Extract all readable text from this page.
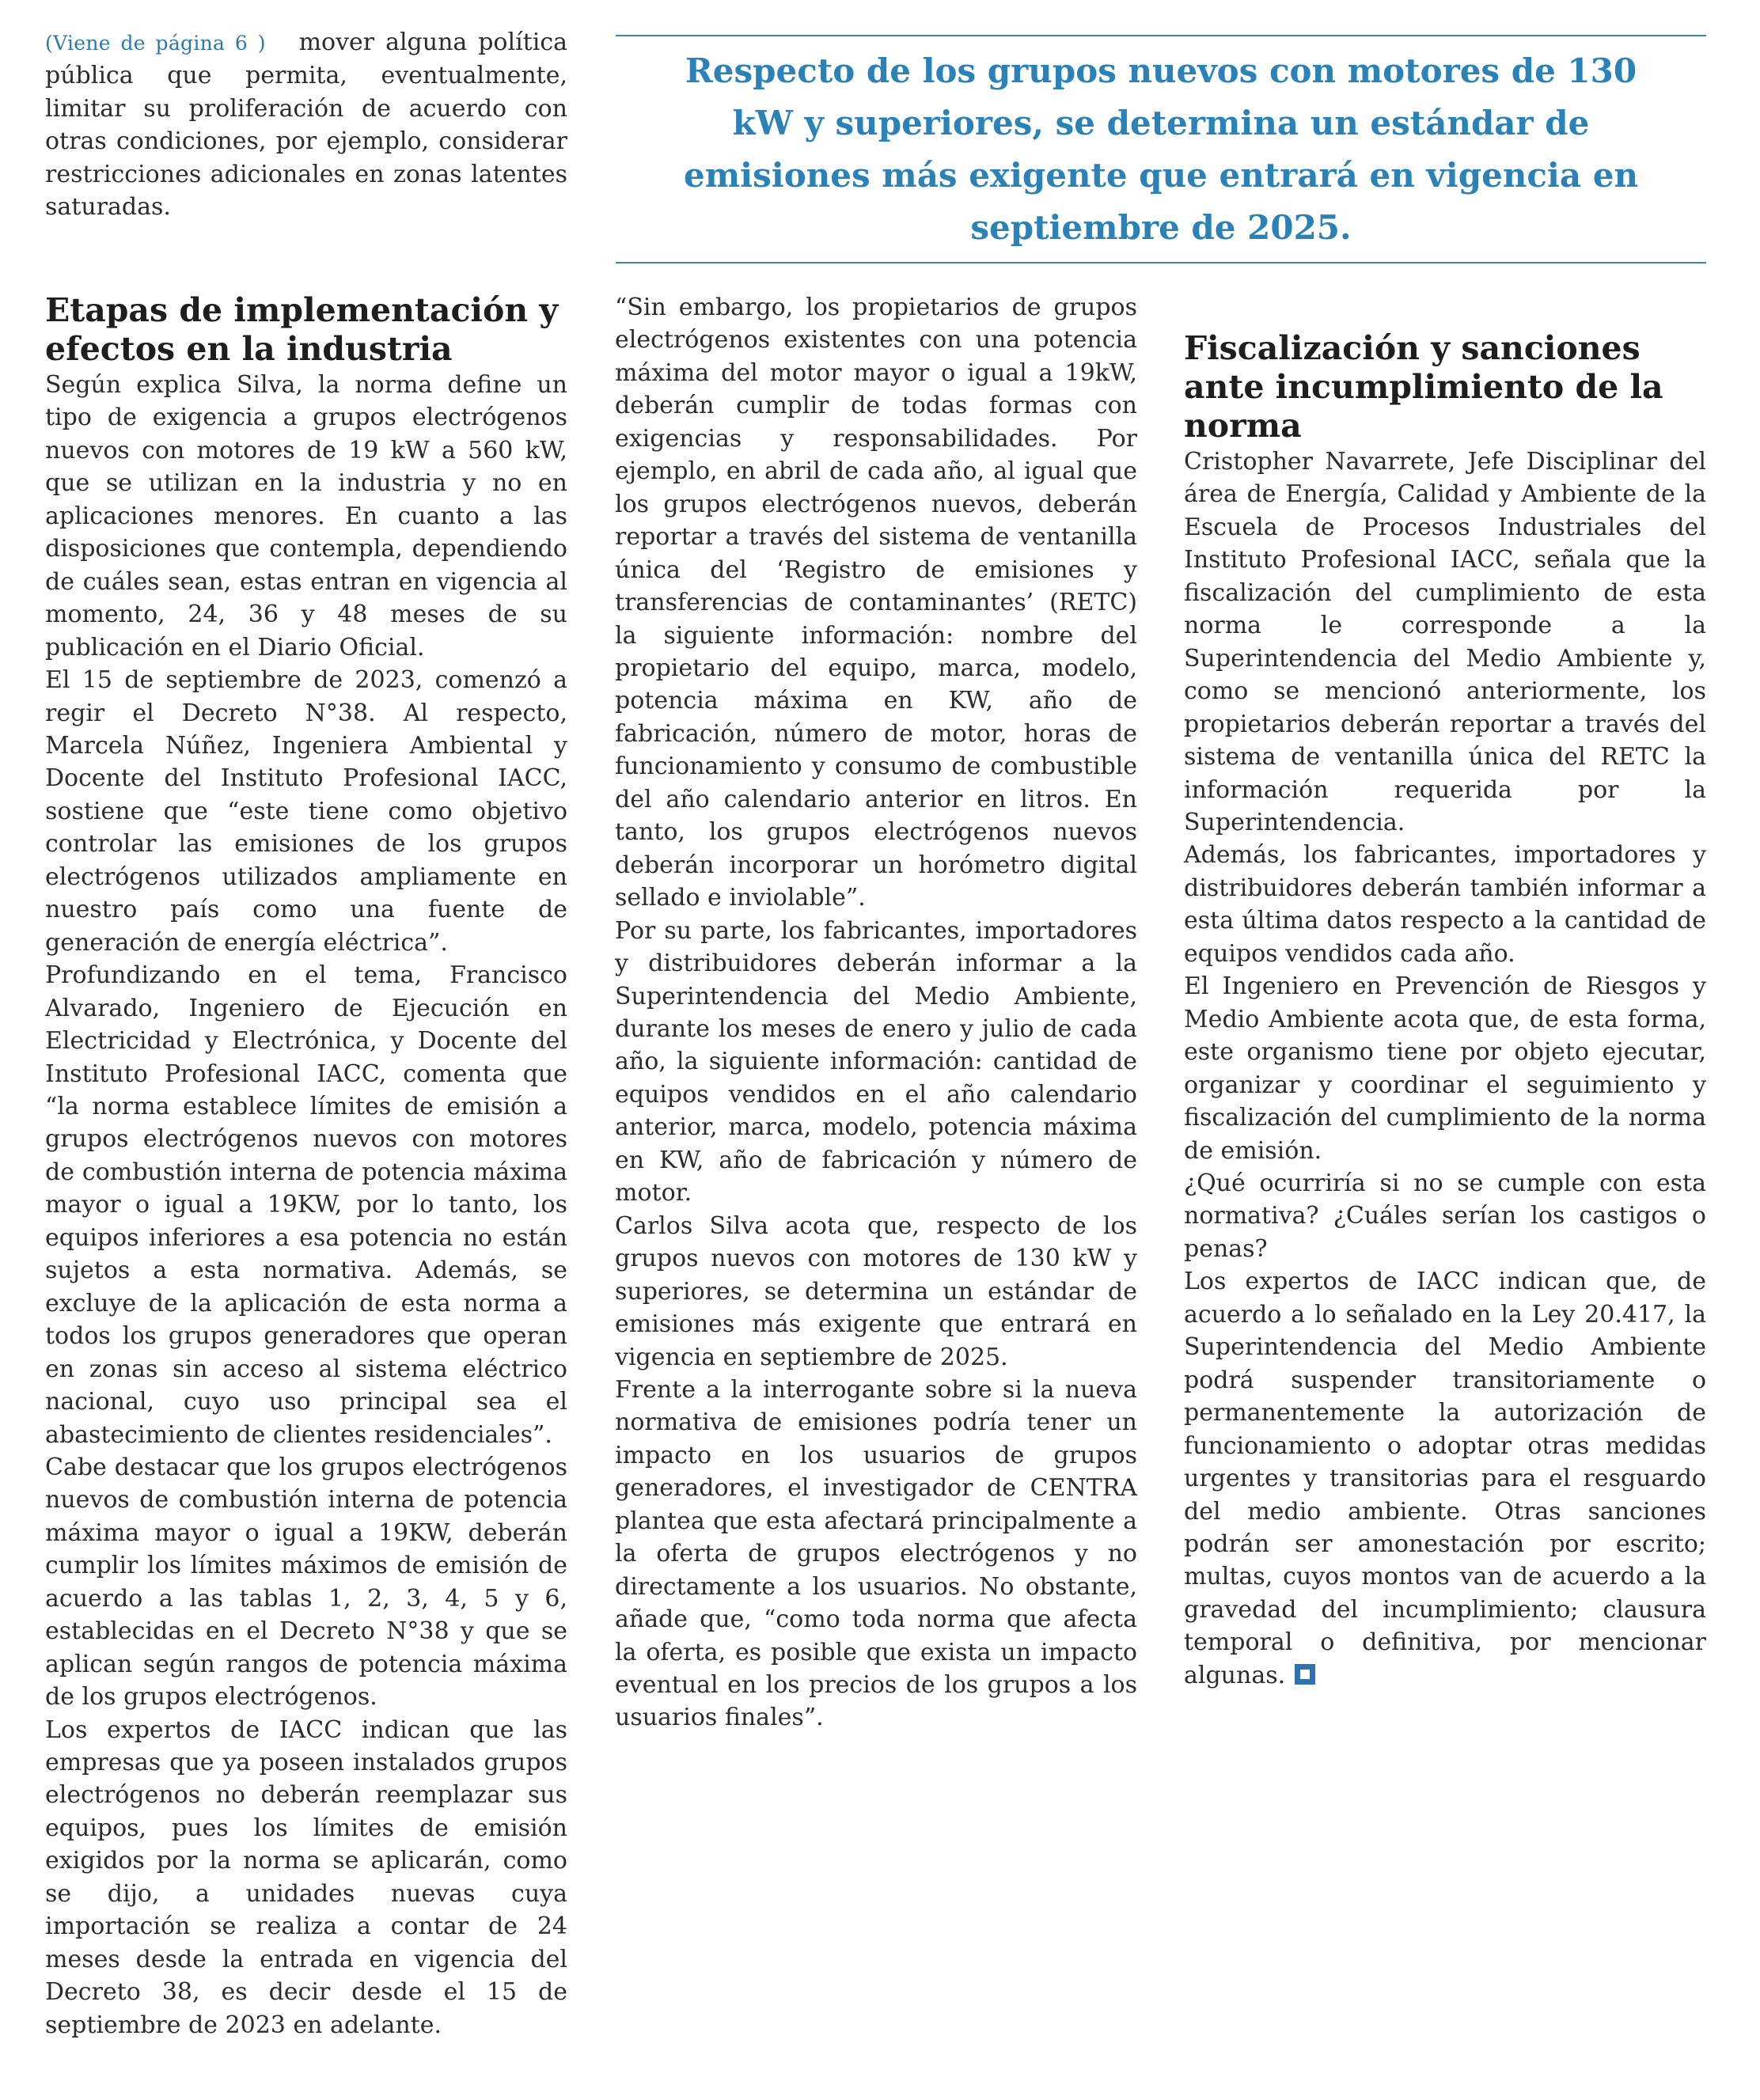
(Viene de página 6 ) mover alguna política pública que permita, eventualmente, limitar su proliferación de acuerdo con otras condiciones, por ejemplo, considerar restricciones adicionales en zonas latentes saturadas.

Respecto de los grupos nuevos con motores de 130 kW y superiores, se determina un estándar de emisiones más exigente que entrará en vigencia en septiembre de 2025.

Etapas de implementación y efectos en la industria

Según explica Silva, la norma define un tipo de exigencia a grupos electrógenos nuevos con motores de 19 kW a 560 kW, que se utilizan en la industria y no en aplicaciones menores. En cuanto a las disposiciones que contempla, dependiendo de cuáles sean, estas entran en vigencia al momento, 24, 36 y 48 meses de su publicación en el Diario Oficial.

El 15 de septiembre de 2023, comenzó a regir el Decreto N°38. Al respecto, Marcela Núñez, Ingeniera Ambiental y Docente del Instituto Profesional IACC, sostiene que “este tiene como objetivo controlar las emisiones de los grupos electrógenos utilizados ampliamente en nuestro país como una fuente de generación de energía eléctrica”.

Profundizando en el tema, Francisco Alvarado, Ingeniero de Ejecución en Electricidad y Electrónica, y Docente del Instituto Profesional IACC, comenta que “la norma establece límites de emisión a grupos electrógenos nuevos con motores de combustión interna de potencia máxima mayor o igual a 19KW, por lo tanto, los equipos inferiores a esa potencia no están sujetos a esta normativa. Además, se excluye de la aplicación de esta norma a todos los grupos generadores que operan en zonas sin acceso al sistema eléctrico nacional, cuyo uso principal sea el abastecimiento de clientes residenciales”.

Cabe destacar que los grupos electrógenos nuevos de combustión interna de potencia máxima mayor o igual a 19KW, deberán cumplir los límites máximos de emisión de acuerdo a las tablas 1, 2, 3, 4, 5 y 6, establecidas en el Decreto N°38 y que se aplican según rangos de potencia máxima de los grupos electrógenos.

Los expertos de IACC indican que las empresas que ya poseen instalados grupos electrógenos no deberán reemplazar sus equipos, pues los límites de emisión exigidos por la norma se aplicarán, como se dijo, a unidades nuevas cuya importación se realiza a contar de 24 meses desde la entrada en vigencia del Decreto 38, es decir desde el 15 de septiembre de 2023 en adelante.

“Sin embargo, los propietarios de grupos electrógenos existentes con una potencia máxima del motor mayor o igual a 19kW, deberán cumplir de todas formas con exigencias y responsabilidades. Por ejemplo, en abril de cada año, al igual que los grupos electrógenos nuevos, deberán reportar a través del sistema de ventanilla única del ‘Registro de emisiones y transferencias de contaminantes’ (RETC) la siguiente información: nombre del propietario del equipo, marca, modelo, potencia máxima en KW, año de fabricación, número de motor, horas de funcionamiento y consumo de combustible del año calendario anterior en litros. En tanto, los grupos electrógenos nuevos deberán incorporar un horómetro digital sellado e inviolable”.

Por su parte, los fabricantes, importadores y distribuidores deberán informar a la Superintendencia del Medio Ambiente, durante los meses de enero y julio de cada año, la siguiente información: cantidad de equipos vendidos en el año calendario anterior, marca, modelo, potencia máxima en KW, año de fabricación y número de motor.

Carlos Silva acota que, respecto de los grupos nuevos con motores de 130 kW y superiores, se determina un estándar de emisiones más exigente que entrará en vigencia en septiembre de 2025.

Frente a la interrogante sobre si la nueva normativa de emisiones podría tener un impacto en los usuarios de grupos generadores, el investigador de CENTRA plantea que esta afectará principalmente a la oferta de grupos electrógenos y no directamente a los usuarios. No obstante, añade que, “como toda norma que afecta la oferta, es posible que exista un impacto eventual en los precios de los grupos a los usuarios finales”.

Fiscalización y sanciones ante incumplimiento de la norma

Cristopher Navarrete, Jefe Disciplinar del área de Energía, Calidad y Ambiente de la Escuela de Procesos Industriales del Instituto Profesional IACC, señala que la fiscalización del cumplimiento de esta norma le corresponde a la Superintendencia del Medio Ambiente y, como se mencionó anteriormente, los propietarios deberán reportar a través del sistema de ventanilla única del RETC la información requerida por la Superintendencia.

Además, los fabricantes, importadores y distribuidores deberán también informar a esta última datos respecto a la cantidad de equipos vendidos cada año.

El Ingeniero en Prevención de Riesgos y Medio Ambiente acota que, de esta forma, este organismo tiene por objeto ejecutar, organizar y coordinar el seguimiento y fiscalización del cumplimiento de la norma de emisión.

¿Qué ocurriría si no se cumple con esta normativa? ¿Cuáles serían los castigos o penas?

Los expertos de IACC indican que, de acuerdo a lo señalado en la Ley 20.417, la Superintendencia del Medio Ambiente podrá suspender transitoriamente o permanentemente la autorización de funcionamiento o adoptar otras medidas urgentes y transitorias para el resguardo del medio ambiente. Otras sanciones podrán ser amonestación por escrito; multas, cuyos montos van de acuerdo a la gravedad del incumplimiento; clausura temporal o definitiva, por mencionar algunas.
